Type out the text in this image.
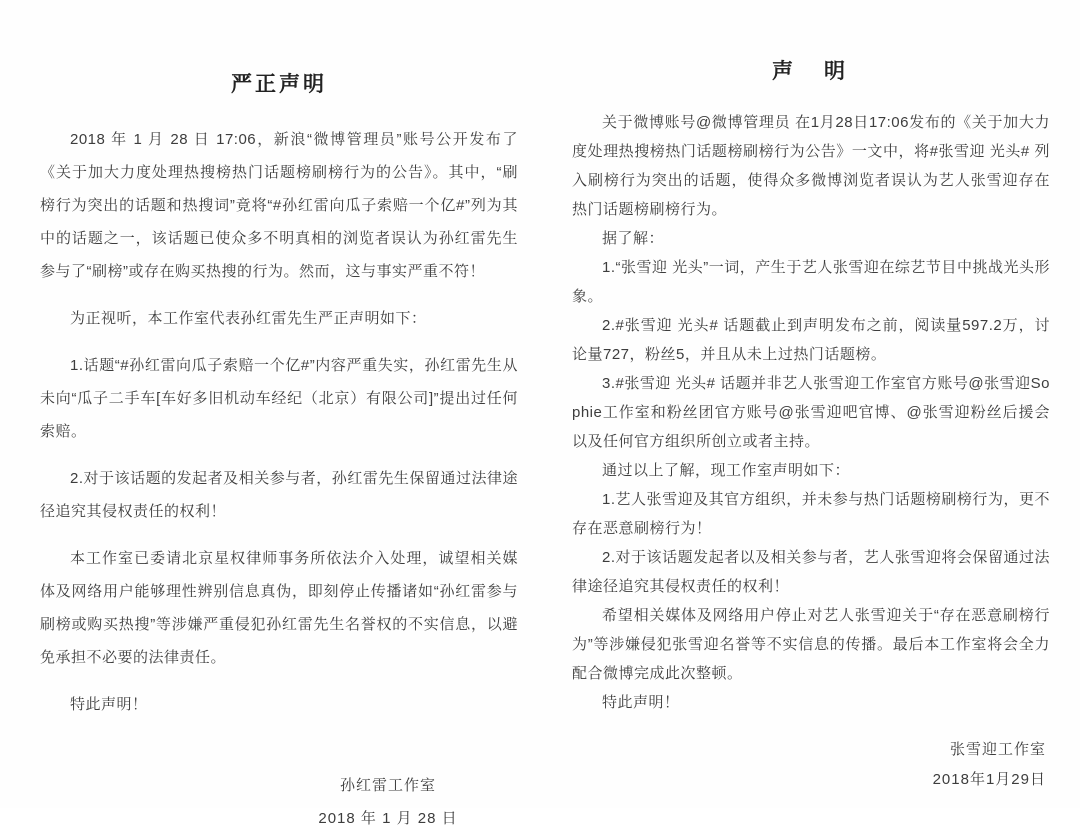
严正声明

2018 年 1 月 28 日 17:06，新浪“微博管理员”账号公开发布了《关于加大力度处理热搜榜热门话题榜刷榜行为的公告》。其中，“刷榜行为突出的话题和热搜词”竟将“#孙红雷向瓜子索赔一个亿#”列为其中的话题之一，该话题已使众多不明真相的浏览者误认为孙红雷先生参与了“刷榜”或存在购买热搜的行为。然而，这与事实严重不符！

为正视听，本工作室代表孙红雷先生严正声明如下：

1.话题“#孙红雷向瓜子索赔一个亿#”内容严重失实，孙红雷先生从未向“瓜子二手车[车好多旧机动车经纪（北京）有限公司]”提出过任何索赔。

2.对于该话题的发起者及相关参与者，孙红雷先生保留通过法律途径追究其侵权责任的权利！

本工作室已委请北京星权律师事务所依法介入处理，诚望相关媒体及网络用户能够理性辨别信息真伪，即刻停止传播诸如“孙红雷参与刷榜或购买热搜”等涉嫌严重侵犯孙红雷先生名誉权的不实信息，以避免承担不必要的法律责任。

特此声明！

孙红雷工作室
2018 年 1 月 28 日
声　明

关于微博账号@微博管理员 在1月28日17:06发布的《关于加大力度处理热搜榜热门话题榜刷榜行为公告》一文中，将#张雪迎 光头# 列入刷榜行为突出的话题，使得众多微博浏览者误认为艺人张雪迎存在热门话题榜刷榜行为。

据了解：

1.“张雪迎 光头”一词，产生于艺人张雪迎在综艺节目中挑战光头形象。

2.#张雪迎 光头# 话题截止到声明发布之前，阅读量597.2万，讨论量727，粉丝5，并且从未上过热门话题榜。

3.#张雪迎 光头# 话题并非艺人张雪迎工作室官方账号@张雪迎Sophie工作室和粉丝团官方账号@张雪迎吧官博、@张雪迎粉丝后援会以及任何官方组织所创立或者主持。

通过以上了解，现工作室声明如下：

1.艺人张雪迎及其官方组织，并未参与热门话题榜刷榜行为，更不存在恶意刷榜行为！

2.对于该话题发起者以及相关参与者，艺人张雪迎将会保留通过法律途径追究其侵权责任的权利！

希望相关媒体及网络用户停止对艺人张雪迎关于“存在恶意刷榜行为”等涉嫌侵犯张雪迎名誉等不实信息的传播。最后本工作室将会全力配合微博完成此次整顿。

特此声明！

张雪迎工作室
2018年1月29日
